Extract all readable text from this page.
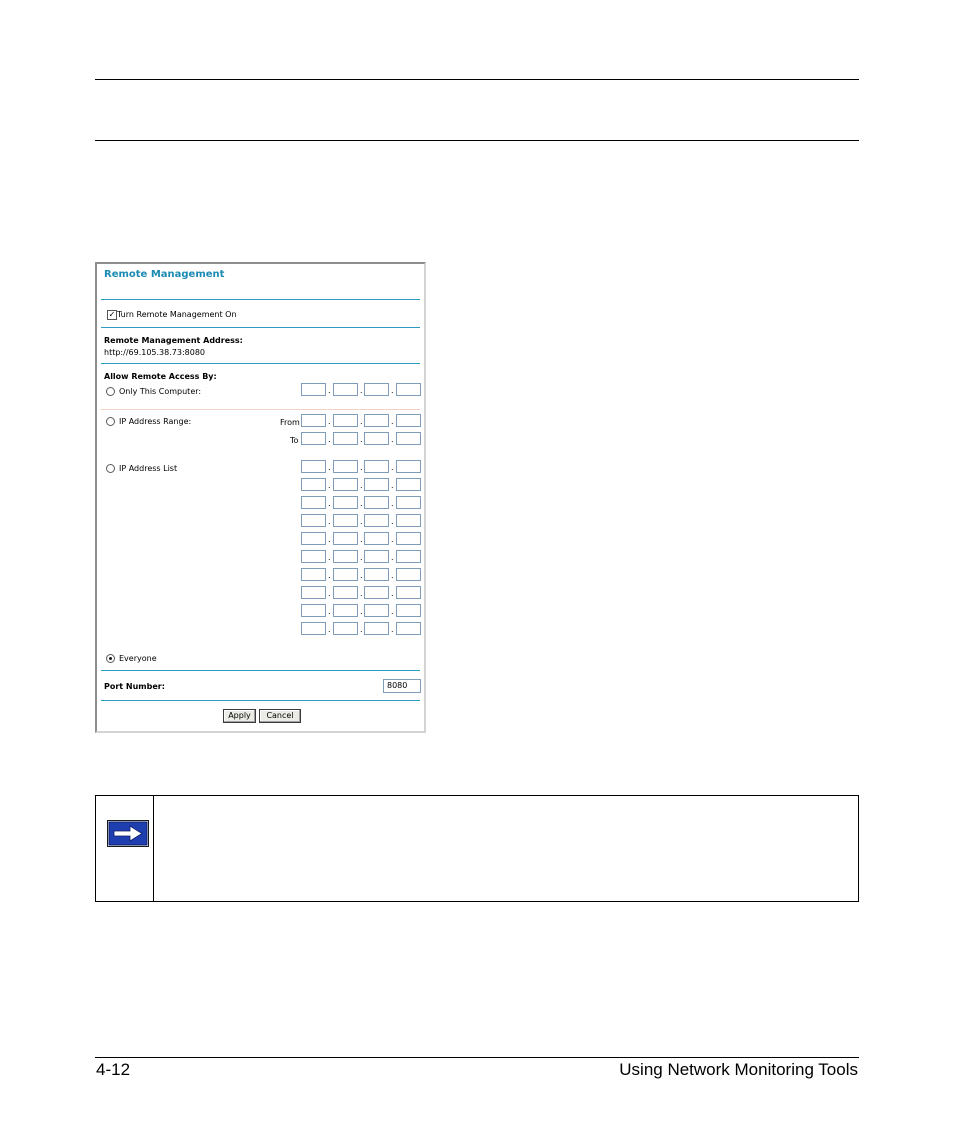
Remote Management
✓ Turn Remote Management On
Remote Management Address:
http://69.105.38.73:8080
Allow Remote Access By:
Only This Computer:	.	.	.
IP Address Range:	From	.	.	.
To	.	.	.
IP Address List	.	.	.
.	.	.
.	.	.
.	.	.
.	.	.
.	.	.
.	.	.
.	.	.
.	.	.
.	.	.
Everyone
Port Number:	8080
Apply	Cancel
4-12	Using Network Monitoring Tools
